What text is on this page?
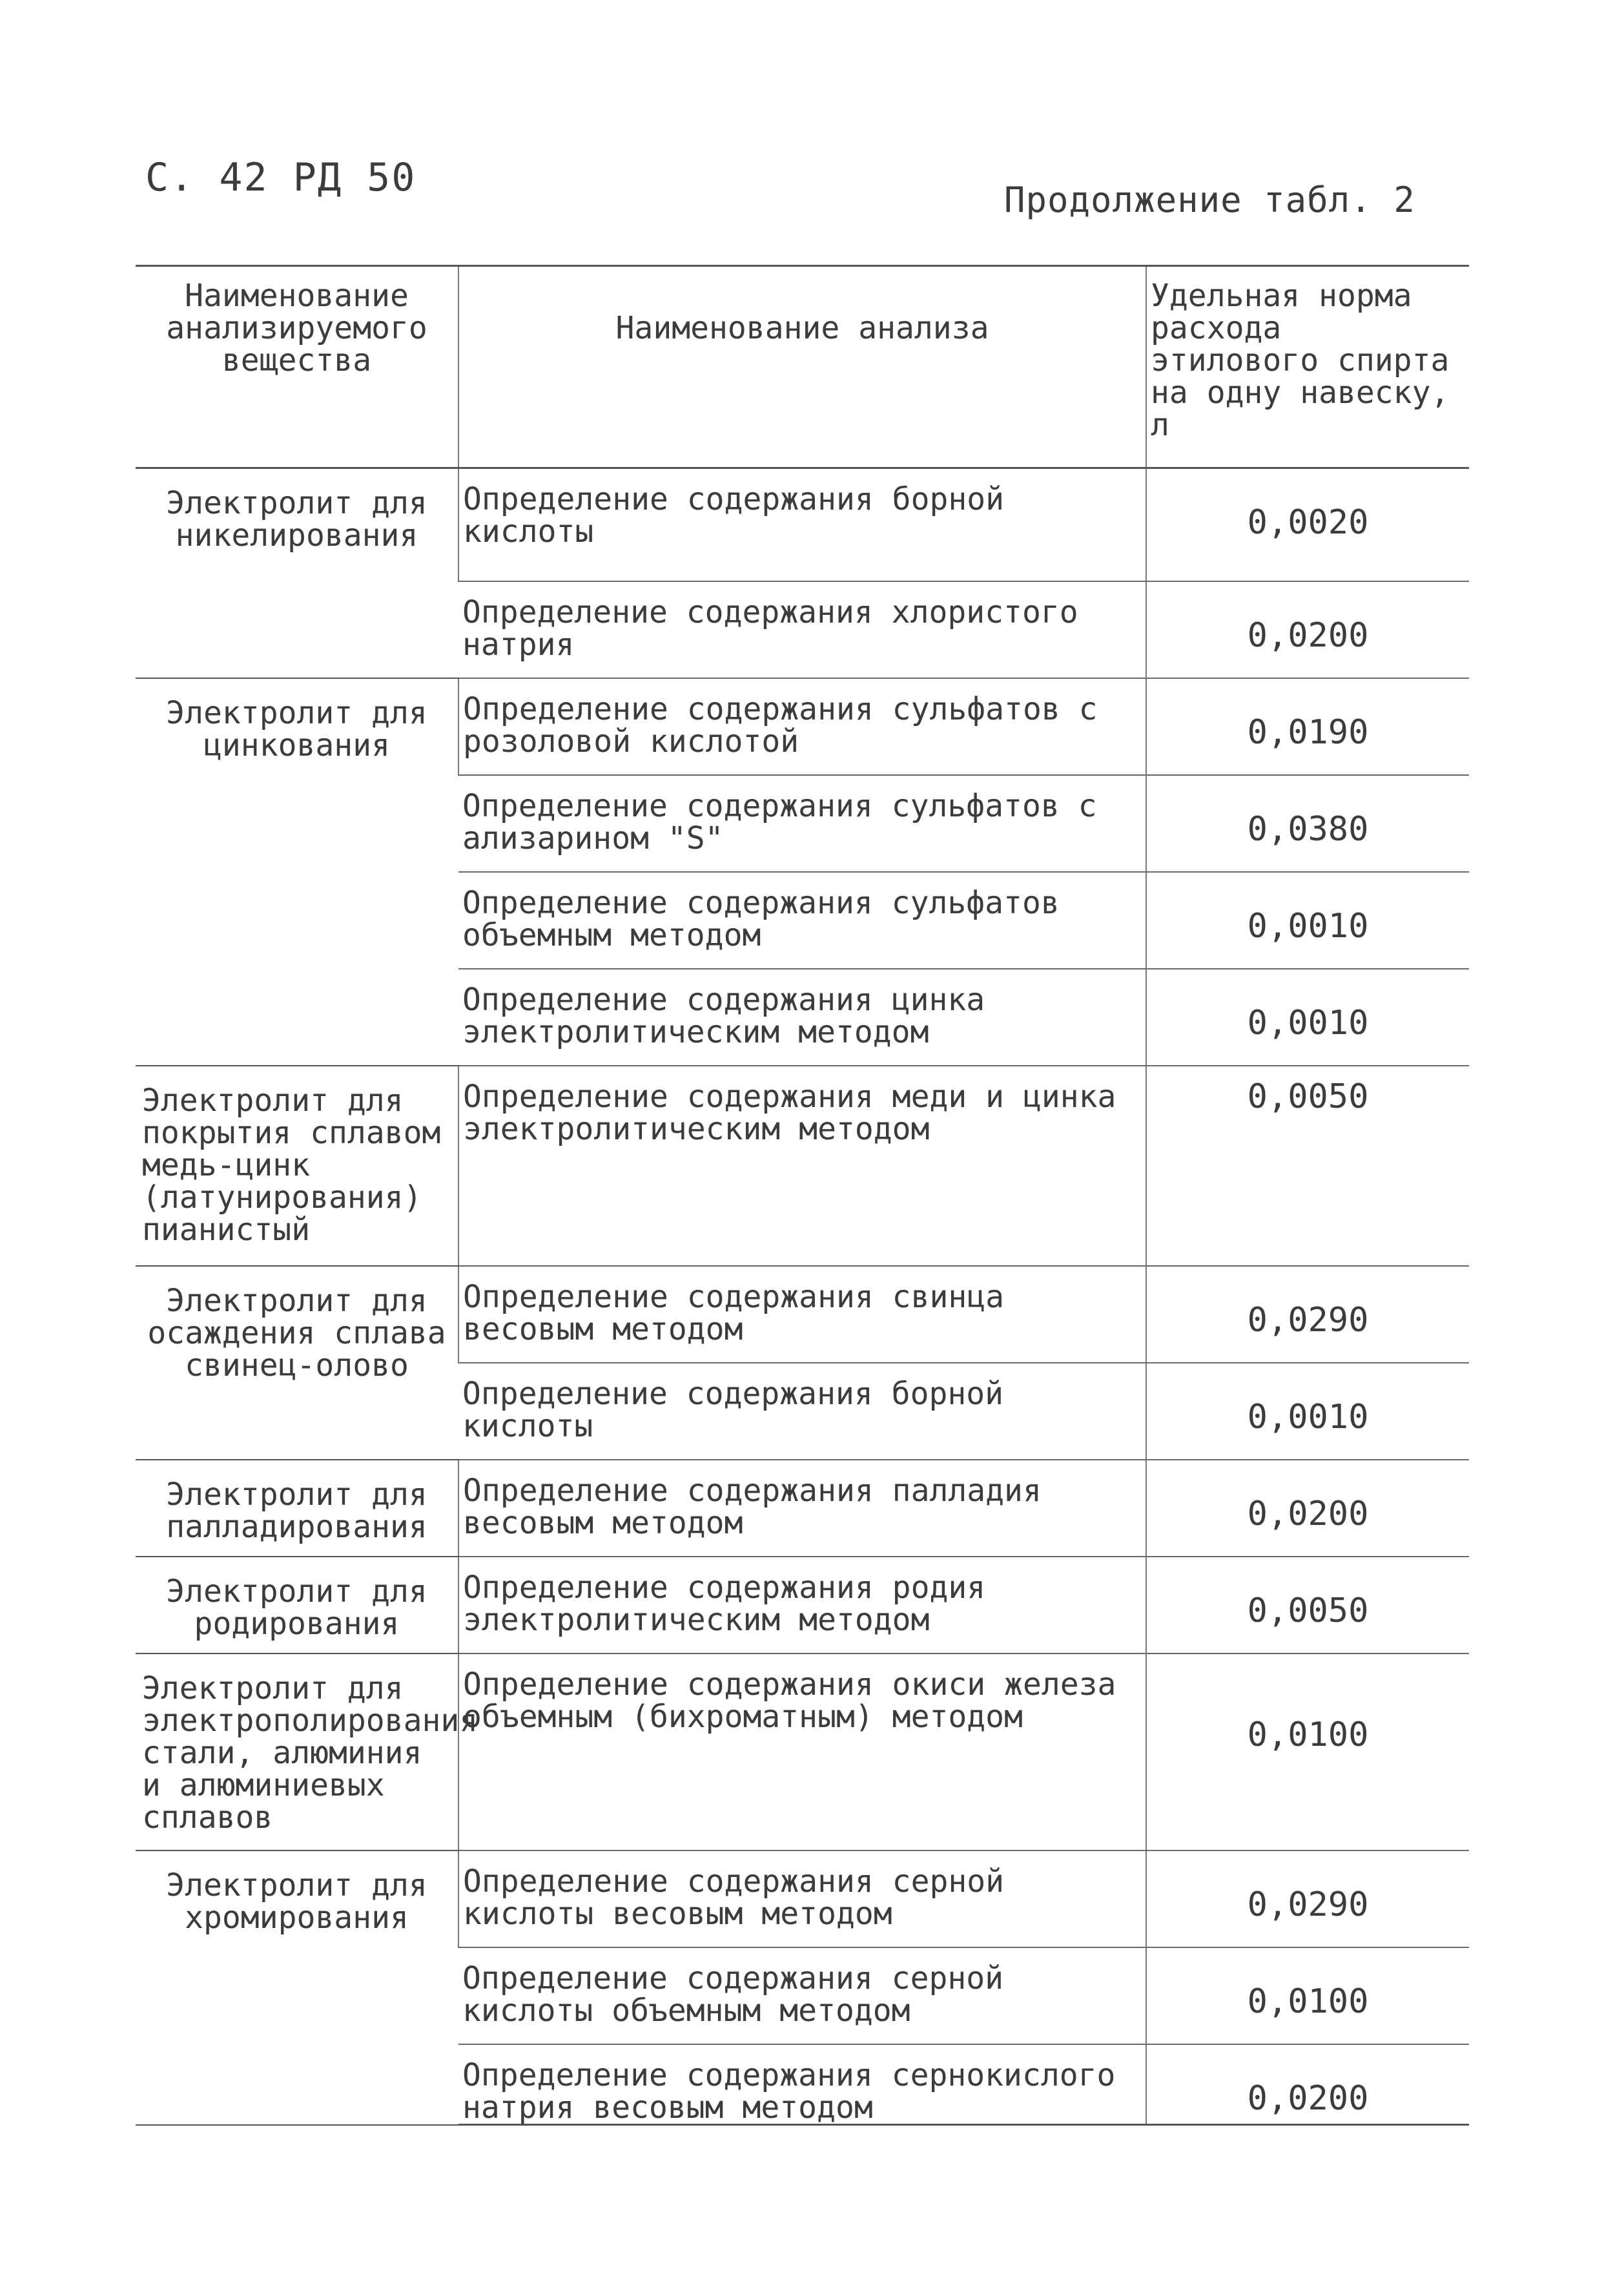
С. 42 РД 50	Продолжение табл. 2
Наименование анализируемого вещества	Наименование анализа	Удельная норма расхода этилового спирта на одну навеску, л
Электролит для никелирования	Определение содержания борной кислоты	0,0020
	Определение содержания хлористого натрия	0,0200
Электролит для цинкования	Определение содержания сульфатов с розоловой кислотой	0,0190
	Определение содержания сульфатов с ализарином "S"	0,0380
	Определение содержания сульфатов объемным методом	0,0010
	Определение содержания цинка электролитическим методом	0,0010
Электролит для покрытия сплавом медь-цинк (латунирования) пианистый	Определение содержания меди и цинка электролитическим методом	0,0050
Электролит для осаждения сплава свинец-олово	Определение содержания свинца весовым методом	0,0290
	Определение содержания борной кислоты	0,0010
Электролит для палладирования	Определение содержания палладия весовым методом	0,0200
Электролит для родирования	Определение содержания родия электролитическим методом	0,0050
Электролит для электрополирования стали, алюминия и алюминиевых сплавов	Определение содержания окиси железа объемным (бихроматным) методом	0,0100
Электролит для хромирования	Определение содержания серной кислоты весовым методом	0,0290
	Определение содержания серной кислоты объемным методом	0,0100
	Определение содержания сернокислого натрия весовым методом	0,0200
